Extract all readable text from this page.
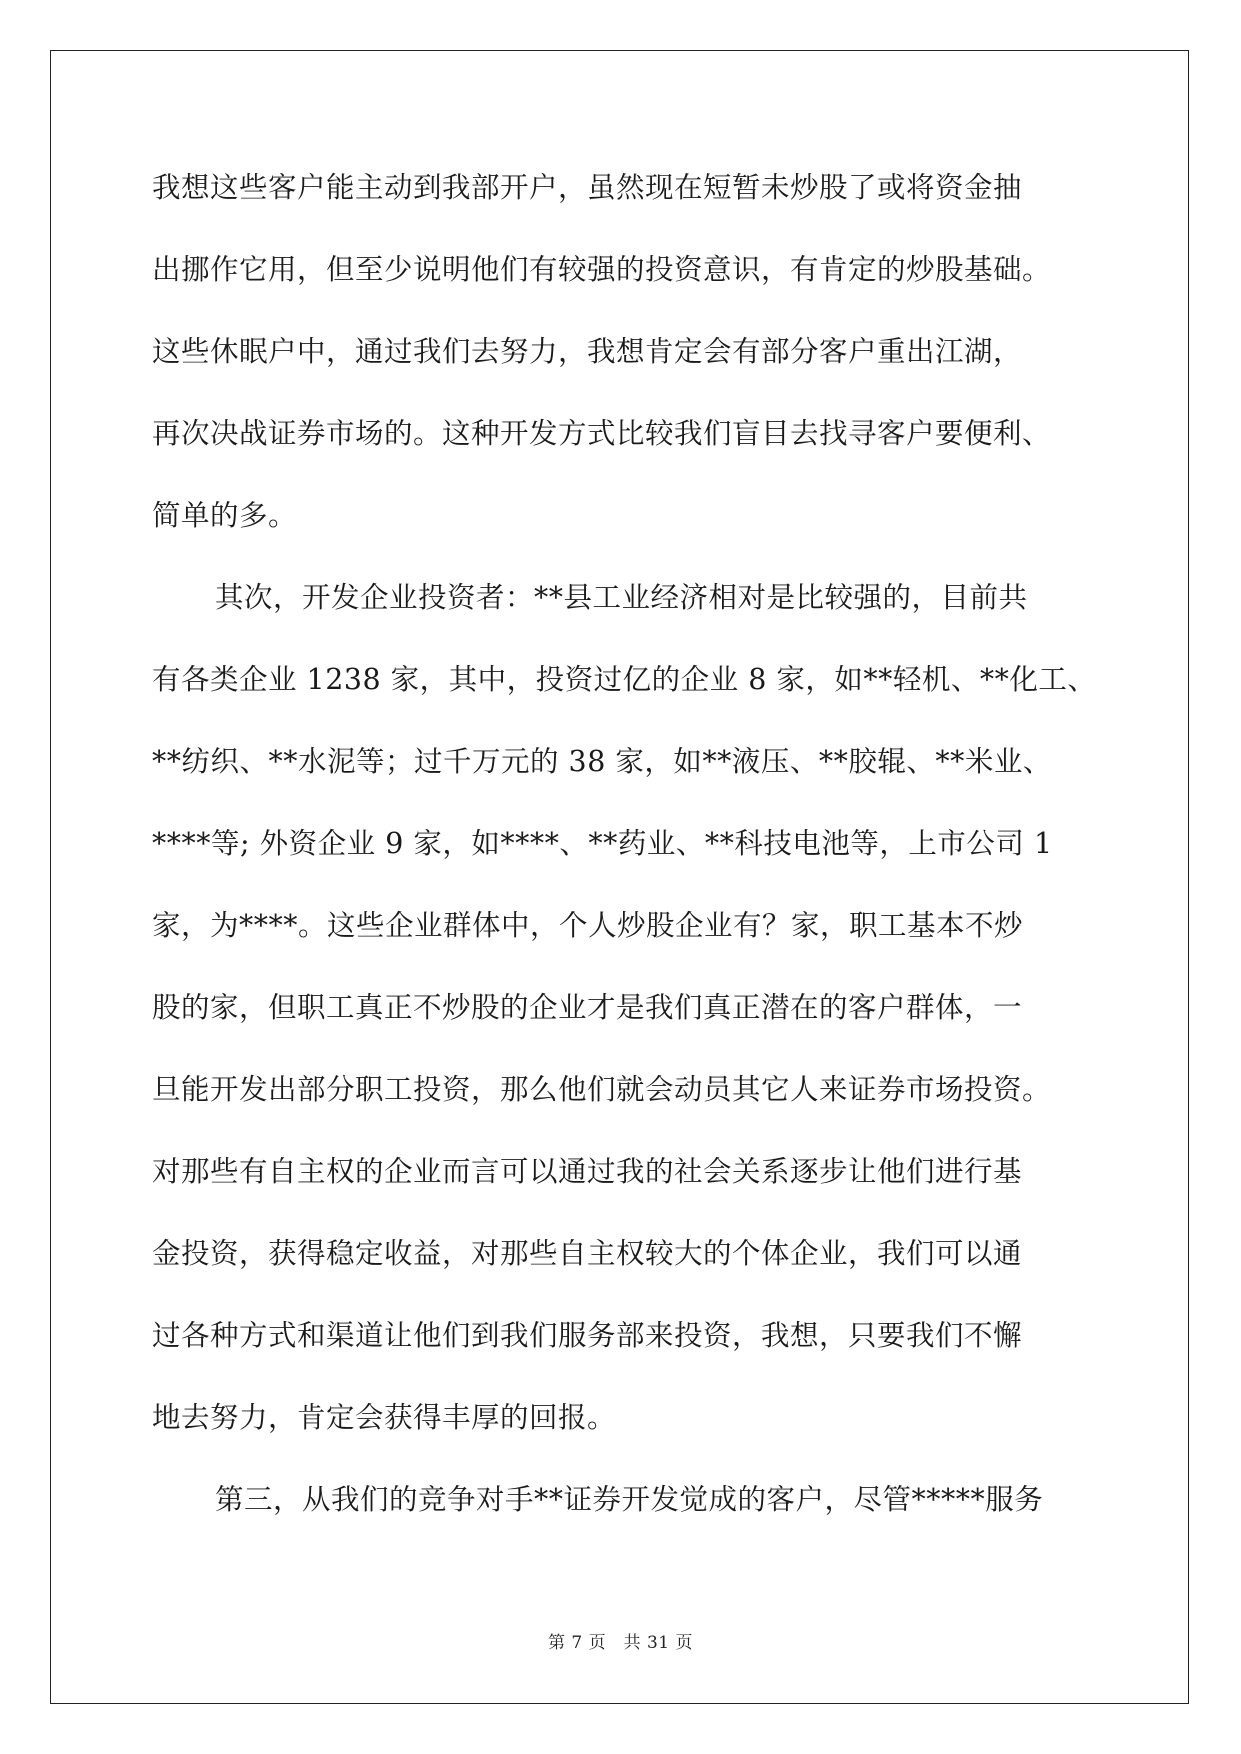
我想这些客户能主动到我部开户，虽然现在短暂未炒股了或将资金抽
出挪作它用，但至少说明他们有较强的投资意识，有肯定的炒股基础。
这些休眠户中，通过我们去努力，我想肯定会有部分客户重出江湖，
再次决战证券市场的。这种开发方式比较我们盲目去找寻客户要便利、
简单的多。
其次，开发企业投资者：**县工业经济相对是比较强的，目前共
有各类企业 1238 家，其中，投资过亿的企业 8 家，如**轻机、**化工、
**纺织、**水泥等；过千万元的 38 家，如**液压、**胶辊、**米业、
****等; 外资企业 9 家，如****、**药业、**科技电池等，上市公司 1
家，为****。这些企业群体中，个人炒股企业有？家，职工基本不炒
股的家，但职工真正不炒股的企业才是我们真正潜在的客户群体，一
旦能开发出部分职工投资，那么他们就会动员其它人来证券市场投资。
对那些有自主权的企业而言可以通过我的社会关系逐步让他们进行基
金投资，获得稳定收益，对那些自主权较大的个体企业，我们可以通
过各种方式和渠道让他们到我们服务部来投资，我想，只要我们不懈
地去努力，肯定会获得丰厚的回报。
第三，从我们的竞争对手**证券开发觉成的客户，尽管*****服务
第 7 页　共 31 页
